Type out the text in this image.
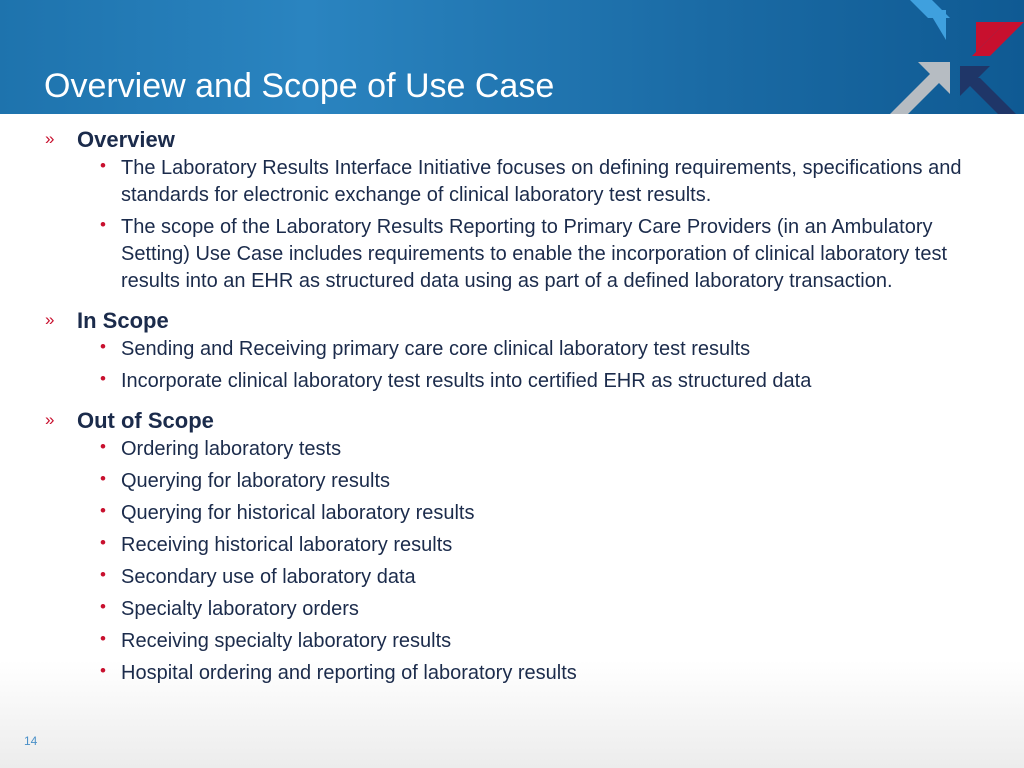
Overview and Scope of Use Case
» Overview
• The Laboratory Results Interface Initiative focuses on defining requirements, specifications and standards for electronic exchange of clinical laboratory test results.
• The scope of the Laboratory Results Reporting to Primary Care Providers (in an Ambulatory Setting) Use Case includes requirements to enable the incorporation of clinical laboratory test results into an EHR as structured data using as part of a defined laboratory transaction.
» In Scope
• Sending and Receiving primary care core clinical laboratory test results
• Incorporate clinical laboratory test results into certified EHR as structured data
» Out of Scope
• Ordering laboratory tests
• Querying for laboratory results
• Querying for historical laboratory results
• Receiving historical laboratory results
• Secondary use of laboratory data
• Specialty laboratory orders
• Receiving specialty laboratory results
• Hospital ordering and reporting of laboratory results
14
